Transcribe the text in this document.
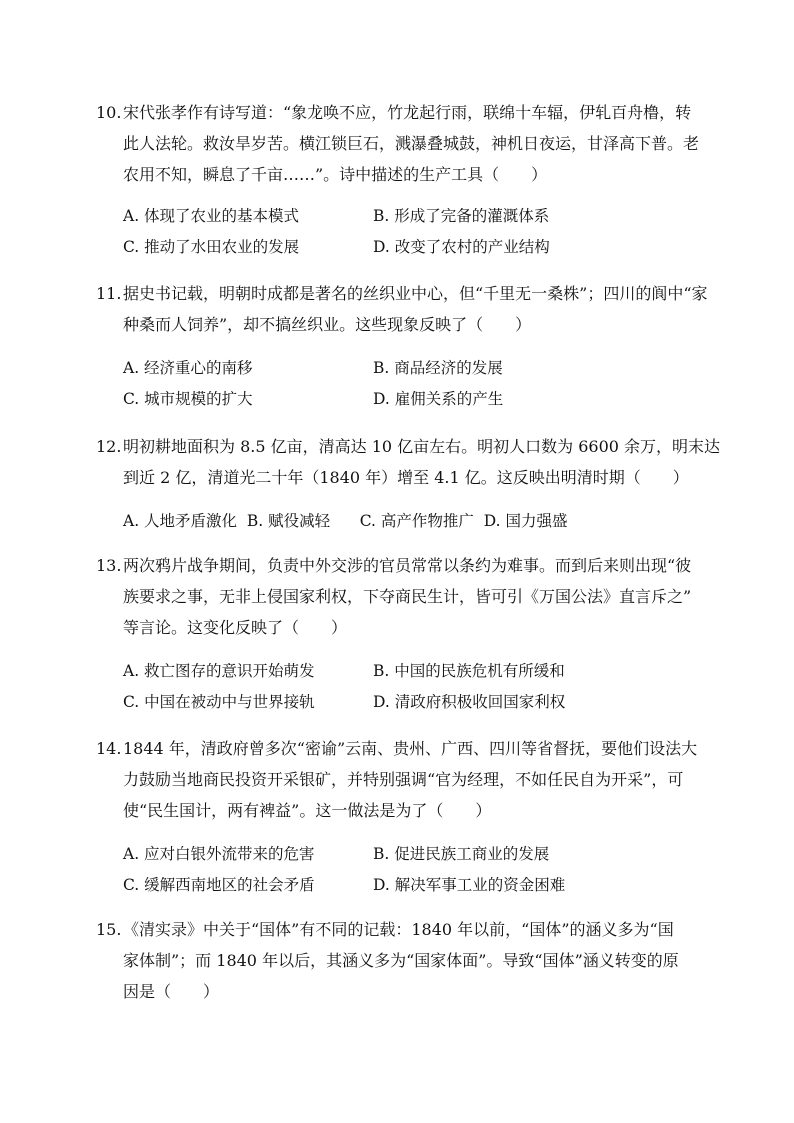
10.宋代张孝作有诗写道：“象龙唤不应，竹龙起行雨，联绵十车辐，伊轧百舟橹，转
此人法轮。救汝旱岁苦。横江锁巨石，溅瀑叠城鼓，神机日夜运，甘泽高下普。老
农用不知，瞬息了千亩……”。诗中描述的生产工具（　　）
A. 体现了农业的基本模式	B. 形成了完备的灌溉体系
C. 推动了水田农业的发展	D. 改变了农村的产业结构
11.据史书记载，明朝时成都是著名的丝织业中心，但“千里无一桑株”；四川的阆中“家
种桑而人饲养”，却不搞丝织业。这些现象反映了（　　）
A. 经济重心的南移	B. 商品经济的发展
C. 城市规模的扩大	D. 雇佣关系的产生
12.明初耕地面积为 8.5 亿亩，清高达 10 亿亩左右。明初人口数为 6600 余万，明末达
到近 2 亿，清道光二十年（1840 年）增至 4.1 亿。这反映出明清时期（　　）
A. 人地矛盾激化  B. 赋役减轻      C. 高产作物推广  D. 国力强盛
13.两次鸦片战争期间，负责中外交涉的官员常常以条约为难事。而到后来则出现“彼
族要求之事，无非上侵国家利权，下夺商民生计，皆可引《万国公法》直言斥之”
等言论。这变化反映了（　　）
A. 救亡图存的意识开始萌发	B. 中国的民族危机有所缓和
C. 中国在被动中与世界接轨	D. 清政府积极收回国家利权
14.1844 年，清政府曾多次“密谕”云南、贵州、广西、四川等省督抚，要他们设法大
力鼓励当地商民投资开采银矿，并特别强调“官为经理，不如任民自为开采”，可
使“民生国计，两有裨益”。这一做法是为了（　　）
A. 应对白银外流带来的危害	B. 促进民族工商业的发展
C. 缓解西南地区的社会矛盾	D. 解决军事工业的资金困难
15.《清实录》中关于“国体”有不同的记载：1840 年以前，“国体”的涵义多为“国
家体制”；而 1840 年以后，其涵义多为“国家体面”。导致“国体”涵义转变的原
因是（　　）
